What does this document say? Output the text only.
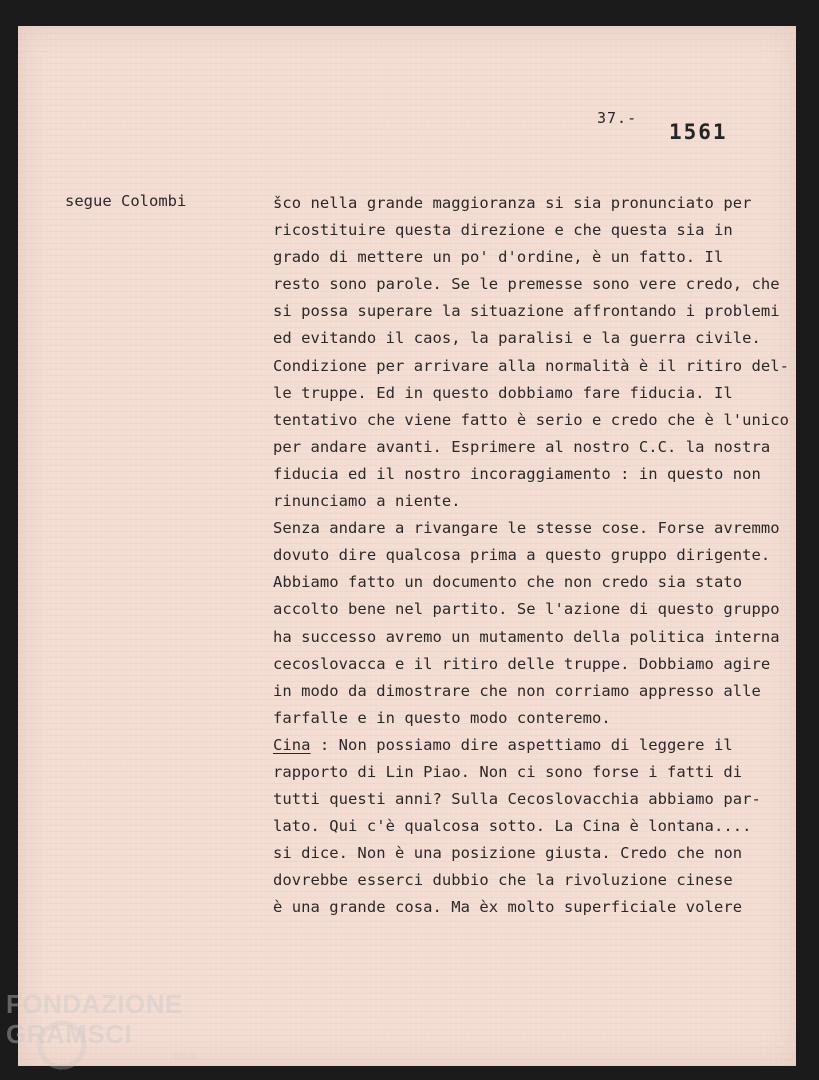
37.-
1561
segue Colombi	šco nella grande maggioranza si sia pronunciato per
ricostituire questa direzione e che questa sia in
grado di mettere un po' d'ordine, è un fatto. Il
resto sono parole. Se le premesse sono vere credo, che
si possa superare la situazione affrontando i problemi
ed evitando il caos, la paralisi e la guerra civile.
Condizione per arrivare alla normalità è il ritiro del-
le truppe. Ed in questo dobbiamo fare fiducia. Il
tentativo che viene fatto è serio e credo che è l'unico
per andare avanti. Esprimere al nostro C.C. la nostra
fiducia ed il nostro incoraggiamento : in questo non
rinunciamo a niente.
Senza andare a rivangare le stesse cose. Forse avremmo
dovuto dire qualcosa prima a questo gruppo dirigente.
Abbiamo fatto un documento che non credo sia stato
accolto bene nel partito. Se l'azione di questo gruppo
ha successo avremo un mutamento della politica interna
cecoslovacca e il ritiro delle truppe. Dobbiamo agire
in modo da dimostrare che non corriamo appresso alle
farfalle e in questo modo conteremo.
Cina : Non possiamo dire aspettiamo di leggere il
rapporto di Lin Piao. Non ci sono forse i fatti di
tutti questi anni? Sulla Cecoslovacchia abbiamo par-
lato. Qui c'è qualcosa sotto. La Cina è lontana....
si dice. Non è una posizione giusta. Credo che non
dovrebbe esserci dubbio che la rivoluzione cinese
è una grande cosa. Ma èx molto superficiale volere
FONDAZIONE
GRAMSCI
onlus
